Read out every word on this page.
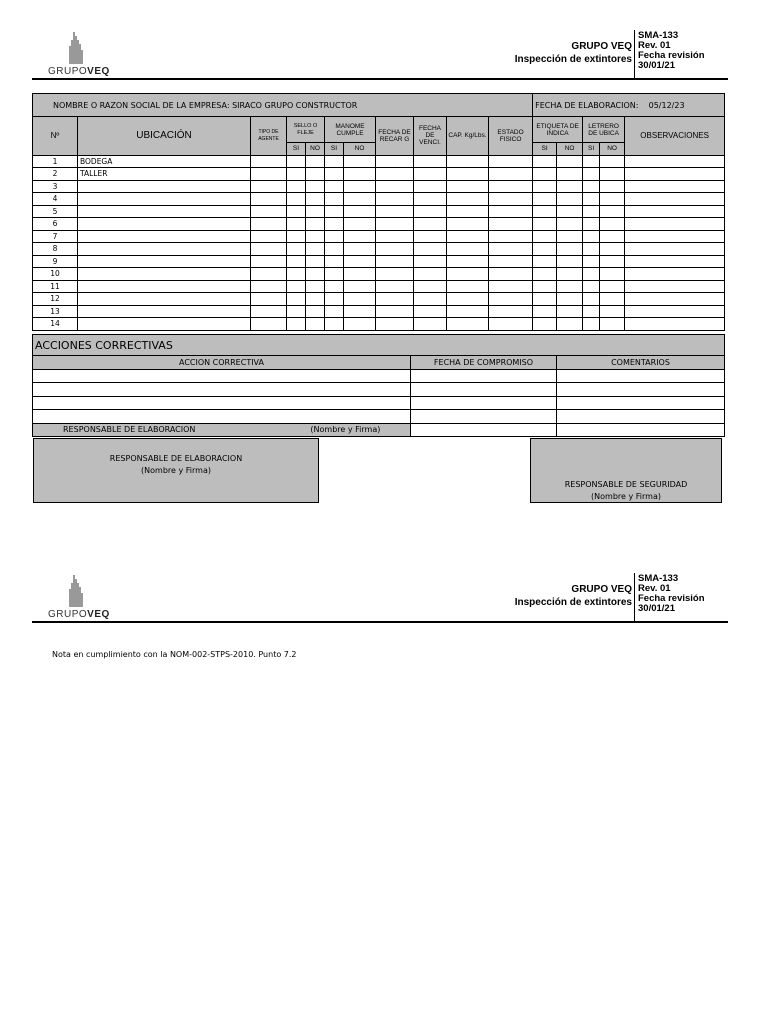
GRUPOVEQ
GRUPO VEQ
Inspección de extintores
SMA-133
Rev. 01
Fecha revisión
30/01/21
NOMBRE O RAZON SOCIAL DE LA EMPRESA: SIRACO GRUPO CONSTRUCTOR											FECHA DE ELABORACION: 05/12/23				
Nº	UBICACIÓN	TIPO DE AGENTE	SELLO O FLEJE		MANOME CUMPLE		FECHA DE RECAR G	FECHA DE VENCI.	CAP. Kg/Lbs.	ESTADO FISICO	ETIQUETA DE INDICA		LETRERO DE UBICA		OBSERVACIONES
			SI	NO	SI	NO					SI	NO	SI	NO	
1	BODEGA														
2	TALLER														
3															
4															
5															
6															
7															
8															
9															
10															
11															
12															
13															
14															
ACCIONES CORRECTIVAS		
ACCION CORRECTIVA	FECHA DE COMPROMISO	COMENTARIOS

RESPONSABLE DE ELABORACION (Nombre y Firma)		
RESPONSABLE DE ELABORACION
(Nombre y Firma)
RESPONSABLE DE SEGURIDAD
(Nombre y Firma)
GRUPOVEQ
GRUPO VEQ
Inspección de extintores
SMA-133
Rev. 01
Fecha revisión
30/01/21
Nota en cumplimiento con la NOM-002-STPS-2010. Punto 7.2
